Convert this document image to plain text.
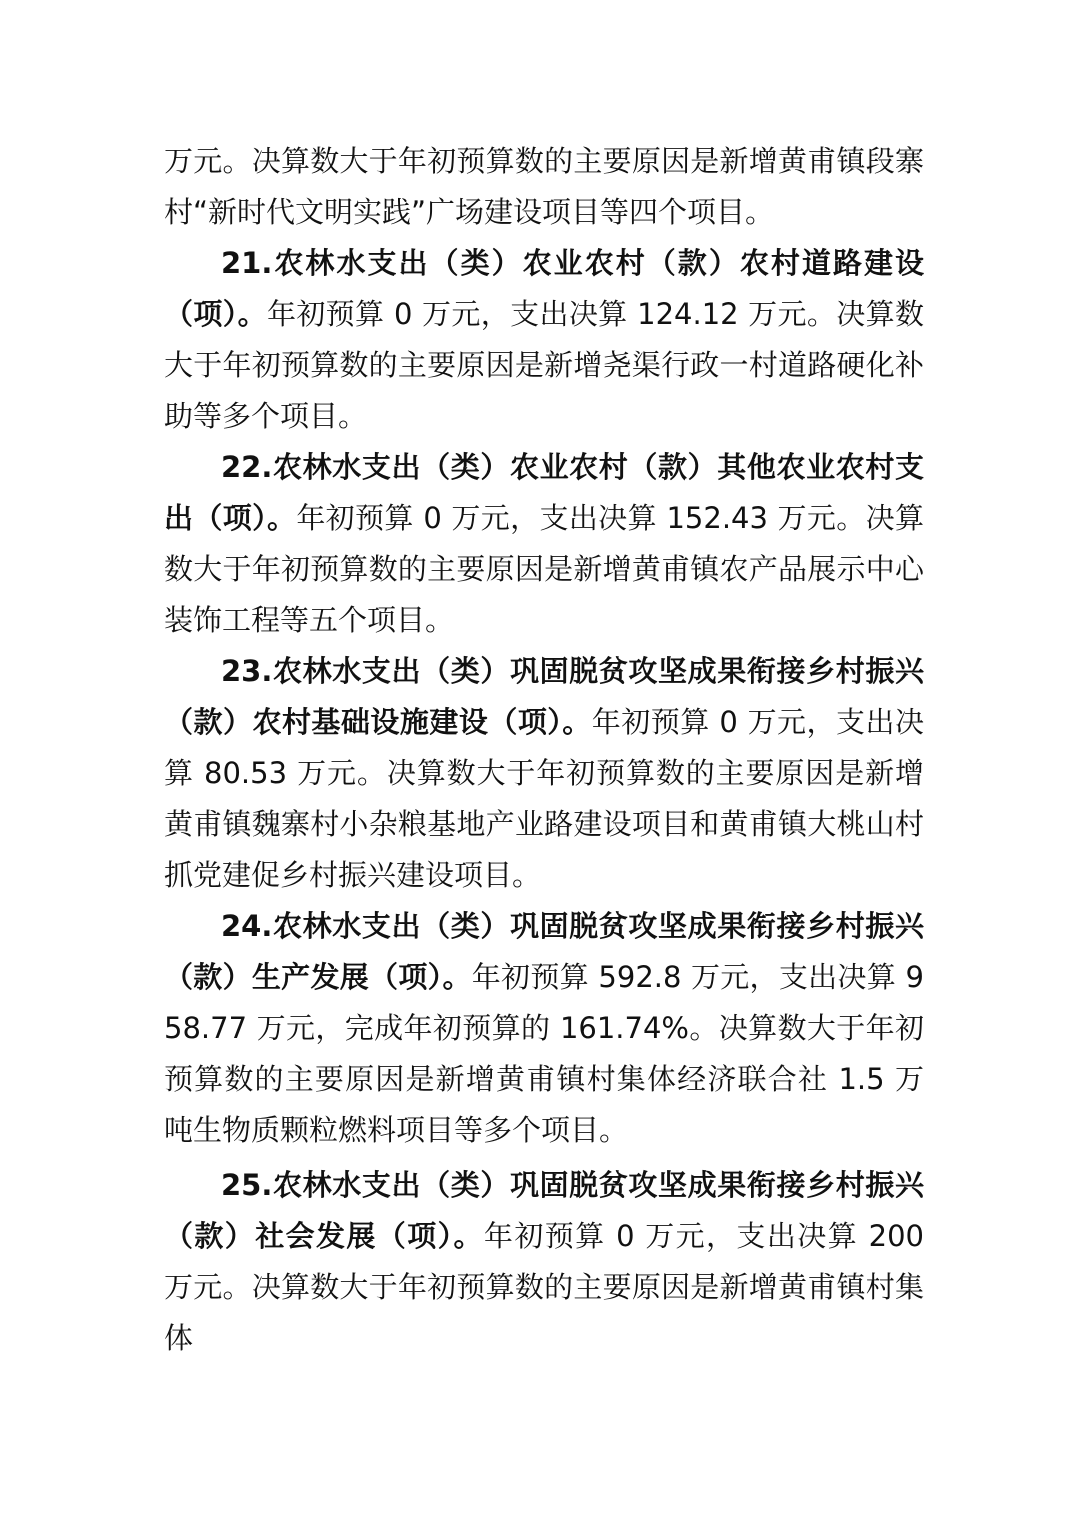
万元。决算数大于年初预算数的主要原因是新增黄甫镇段寨村“新时代文明实践”广场建设项目等四个项目。

21.农林水支出（类）农业农村（款）农村道路建设（项）。年初预算 0 万元，支出决算 124.12 万元。决算数大于年初预算数的主要原因是新增尧渠行政一村道路硬化补助等多个项目。

22.农林水支出（类）农业农村（款）其他农业农村支出（项）。年初预算 0 万元，支出决算 152.43 万元。决算数大于年初预算数的主要原因是新增黄甫镇农产品展示中心装饰工程等五个项目。

23.农林水支出（类）巩固脱贫攻坚成果衔接乡村振兴（款）农村基础设施建设（项）。年初预算 0 万元，支出决算 80.53 万元。决算数大于年初预算数的主要原因是新增黄甫镇魏寨村小杂粮基地产业路建设项目和黄甫镇大桃山村抓党建促乡村振兴建设项目。

24.农林水支出（类）巩固脱贫攻坚成果衔接乡村振兴（款）生产发展（项）。年初预算 592.8 万元，支出决算 958.77 万元，完成年初预算的 161.74%。决算数大于年初预算数的主要原因是新增黄甫镇村集体经济联合社 1.5 万吨生物质颗粒燃料项目等多个项目。

25.农林水支出（类）巩固脱贫攻坚成果衔接乡村振兴（款）社会发展（项）。年初预算 0 万元，支出决算 200 万元。决算数大于年初预算数的主要原因是新增黄甫镇村集体
